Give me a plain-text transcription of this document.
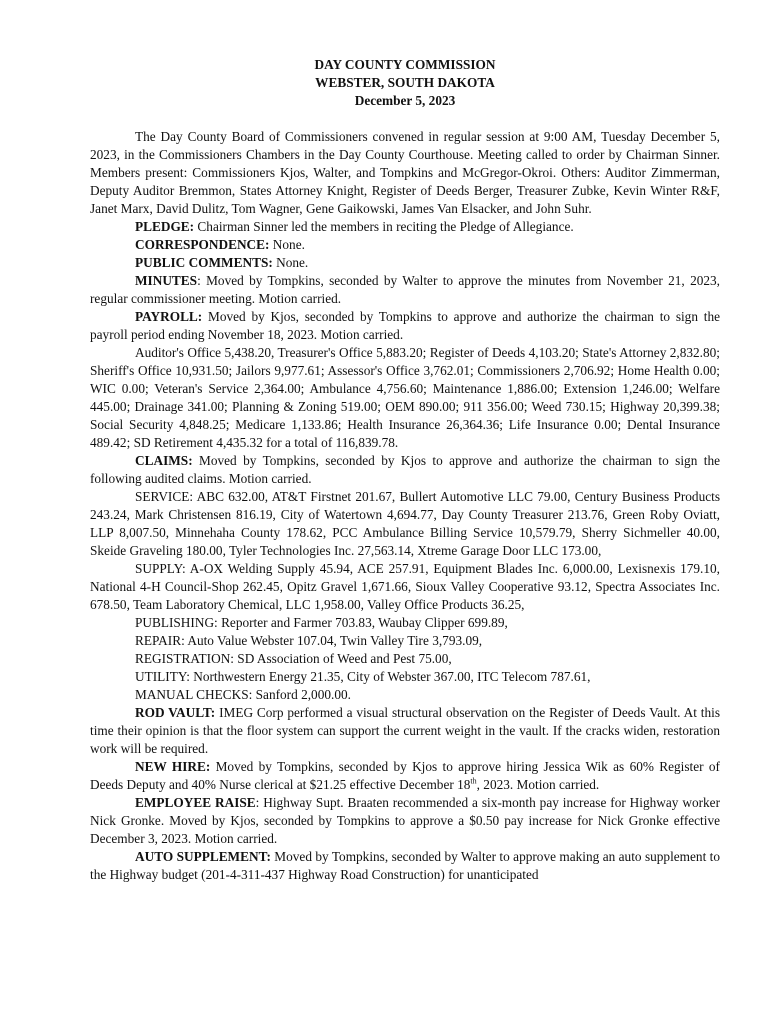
DAY COUNTY COMMISSION
WEBSTER, SOUTH DAKOTA
December 5, 2023

The Day County Board of Commissioners convened in regular session at 9:00 AM, Tuesday December 5, 2023, in the Commissioners Chambers in the Day County Courthouse. Meeting called to order by Chairman Sinner. Members present: Commissioners Kjos, Walter, and Tompkins and McGregor-Okroi. Others: Auditor Zimmerman, Deputy Auditor Bremmon, States Attorney Knight, Register of Deeds Berger, Treasurer Zubke, Kevin Winter R&F, Janet Marx, David Dulitz, Tom Wagner, Gene Gaikowski, James Van Elsacker, and John Suhr.

PLEDGE: Chairman Sinner led the members in reciting the Pledge of Allegiance.

CORRESPONDENCE: None.

PUBLIC COMMENTS: None.

MINUTES: Moved by Tompkins, seconded by Walter to approve the minutes from November 21, 2023, regular commissioner meeting. Motion carried.

PAYROLL: Moved by Kjos, seconded by Tompkins to approve and authorize the chairman to sign the payroll period ending November 18, 2023. Motion carried.

Auditor's Office 5,438.20, Treasurer's Office 5,883.20; Register of Deeds 4,103.20; State's Attorney 2,832.80; Sheriff's Office 10,931.50; Jailors 9,977.61; Assessor's Office 3,762.01; Commissioners 2,706.92; Home Health 0.00; WIC 0.00; Veteran's Service 2,364.00; Ambulance 4,756.60; Maintenance 1,886.00; Extension 1,246.00; Welfare 445.00; Drainage 341.00; Planning & Zoning 519.00; OEM 890.00; 911 356.00; Weed 730.15; Highway 20,399.38; Social Security 4,848.25; Medicare 1,133.86; Health Insurance 26,364.36; Life Insurance 0.00; Dental Insurance 489.42; SD Retirement 4,435.32 for a total of 116,839.78.

CLAIMS: Moved by Tompkins, seconded by Kjos to approve and authorize the chairman to sign the following audited claims. Motion carried.

SERVICE: ABC 632.00, AT&T Firstnet 201.67, Bullert Automotive LLC 79.00, Century Business Products 243.24, Mark Christensen 816.19, City of Watertown 4,694.77, Day County Treasurer 213.76, Green Roby Oviatt, LLP 8,007.50, Minnehaha County 178.62, PCC Ambulance Billing Service 10,579.79, Sherry Sichmeller 40.00, Skeide Graveling 180.00, Tyler Technologies Inc. 27,563.14, Xtreme Garage Door LLC 173.00,

SUPPLY: A-OX Welding Supply 45.94, ACE 257.91, Equipment Blades Inc. 6,000.00, Lexisnexis 179.10, National 4-H Council-Shop 262.45, Opitz Gravel 1,671.66, Sioux Valley Cooperative 93.12, Spectra Associates Inc. 678.50, Team Laboratory Chemical, LLC 1,958.00, Valley Office Products 36.25,

PUBLISHING: Reporter and Farmer 703.83, Waubay Clipper 699.89,

REPAIR: Auto Value Webster 107.04, Twin Valley Tire 3,793.09,

REGISTRATION: SD Association of Weed and Pest 75.00,

UTILITY: Northwestern Energy 21.35, City of Webster 367.00, ITC Telecom 787.61,

MANUAL CHECKS: Sanford 2,000.00.

ROD VAULT: IMEG Corp performed a visual structural observation on the Register of Deeds Vault. At this time their opinion is that the floor system can support the current weight in the vault. If the cracks widen, restoration work will be required.

NEW HIRE: Moved by Tompkins, seconded by Kjos to approve hiring Jessica Wik as 60% Register of Deeds Deputy and 40% Nurse clerical at $21.25 effective December 18th, 2023. Motion carried.

EMPLOYEE RAISE: Highway Supt. Braaten recommended a six-month pay increase for Highway worker Nick Gronke. Moved by Kjos, seconded by Tompkins to approve a $0.50 pay increase for Nick Gronke effective December 3, 2023. Motion carried.

AUTO SUPPLEMENT: Moved by Tompkins, seconded by Walter to approve making an auto supplement to the Highway budget (201-4-311-437 Highway Road Construction) for unanticipated
